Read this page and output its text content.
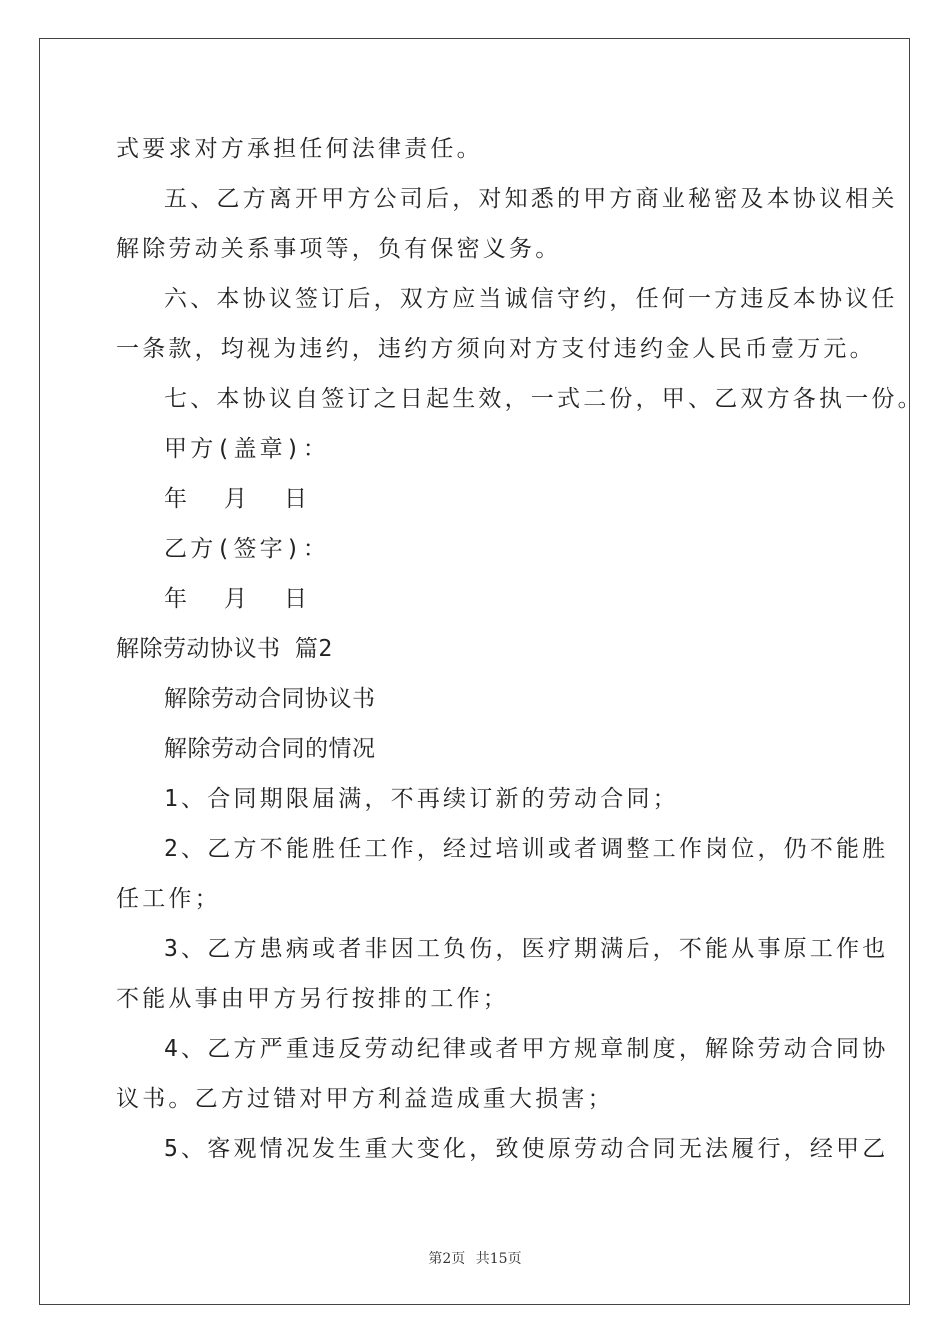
式要求对方承担任何法律责任。
五、乙方离开甲方公司后，对知悉的甲方商业秘密及本协议相关
解除劳动关系事项等，负有保密义务。
六、本协议签订后，双方应当诚信守约，任何一方违反本协议任
一条款，均视为违约，违约方须向对方支付违约金人民币壹万元。
七、本协议自签订之日起生效，一式二份，甲、乙双方各执一份。
甲方(盖章)：
年 月 日
乙方(签字)：
年 月 日
解除劳动协议书 篇2
解除劳动合同协议书
解除劳动合同的情况
1、合同期限届满，不再续订新的劳动合同；
2、乙方不能胜任工作，经过培训或者调整工作岗位，仍不能胜
任工作；
3、乙方患病或者非因工负伤，医疗期满后，不能从事原工作也
不能从事由甲方另行按排的工作；
4、乙方严重违反劳动纪律或者甲方规章制度，解除劳动合同协
议书。乙方过错对甲方利益造成重大损害；
5、客观情况发生重大变化，致使原劳动合同无法履行，经甲乙
第2页 共15页
